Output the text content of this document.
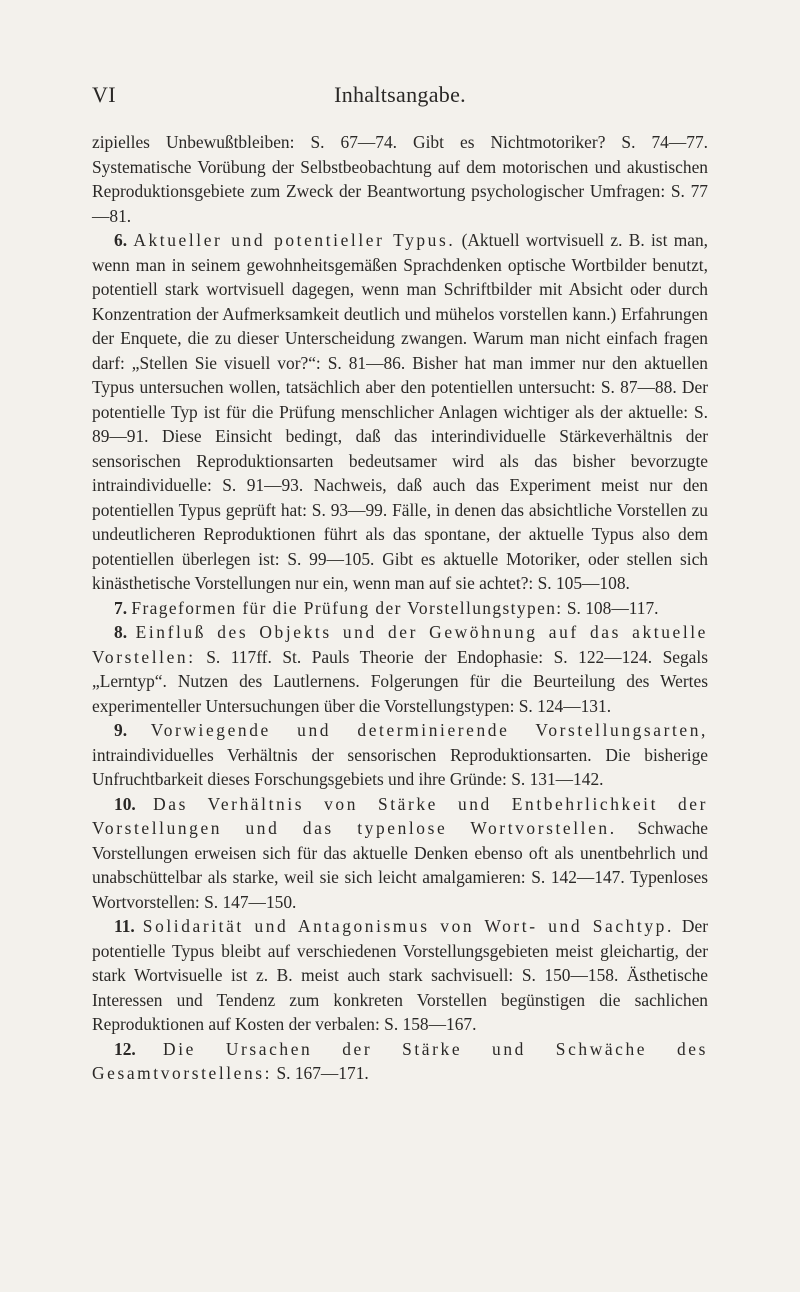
VI	Inhaltsangabe.

zipielles Unbewußtbleiben: S. 67—74. Gibt es Nichtmotoriker? S. 74—77. Systematische Vorübung der Selbstbeobachtung auf dem motorischen und akustischen Reproduktionsgebiete zum Zweck der Beantwortung psychologischer Umfragen: S. 77—81.

6. Aktueller und potentieller Typus. (Aktuell wortvisuell z. B. ist man, wenn man in seinem gewohnheitsgemäßen Sprachdenken optische Wortbilder benutzt, potentiell stark wortvisuell dagegen, wenn man Schriftbilder mit Absicht oder durch Konzentration der Aufmerksamkeit deutlich und mühelos vorstellen kann.) Erfahrungen der Enquete, die zu dieser Unterscheidung zwangen. Warum man nicht einfach fragen darf: „Stellen Sie visuell vor?“: S. 81—86. Bisher hat man immer nur den aktuellen Typus untersuchen wollen, tatsächlich aber den potentiellen untersucht: S. 87—88. Der potentielle Typ ist für die Prüfung menschlicher Anlagen wichtiger als der aktuelle: S. 89—91. Diese Einsicht bedingt, daß das interindividuelle Stärkeverhältnis der sensorischen Reproduktionsarten bedeutsamer wird als das bisher bevorzugte intraindividuelle: S. 91—93. Nachweis, daß auch das Experiment meist nur den potentiellen Typus geprüft hat: S. 93—99. Fälle, in denen das absichtliche Vorstellen zu undeutlicheren Reproduktionen führt als das spontane, der aktuelle Typus also dem potentiellen überlegen ist: S. 99—105. Gibt es aktuelle Motoriker, oder stellen sich kinästhetische Vorstellungen nur ein, wenn man auf sie achtet?: S. 105—108.

7. Frageformen für die Prüfung der Vorstellungstypen: S. 108—117.

8. Einfluß des Objekts und der Gewöhnung auf das aktuelle Vorstellen: S. 117ff. St. Pauls Theorie der Endophasie: S. 122—124. Segals „Lerntyp“. Nutzen des Lautlernens. Folgerungen für die Beurteilung des Wertes experimenteller Untersuchungen über die Vorstellungstypen: S. 124—131.

9. Vorwiegende und determinierende Vorstellungsarten, intraindividuelles Verhältnis der sensorischen Reproduktionsarten. Die bisherige Unfruchtbarkeit dieses Forschungsgebiets und ihre Gründe: S. 131—142.

10. Das Verhältnis von Stärke und Entbehrlichkeit der Vorstellungen und das typenlose Wortvorstellen. Schwache Vorstellungen erweisen sich für das aktuelle Denken ebenso oft als unentbehrlich und unabschüttelbar als starke, weil sie sich leicht amalgamieren: S. 142—147. Typenloses Wortvorstellen: S. 147—150.

11. Solidarität und Antagonismus von Wort- und Sachtyp. Der potentielle Typus bleibt auf verschiedenen Vorstellungsgebieten meist gleichartig, der stark Wortvisuelle ist z. B. meist auch stark sachvisuell: S. 150—158. Ästhetische Interessen und Tendenz zum konkreten Vorstellen begünstigen die sachlichen Reproduktionen auf Kosten der verbalen: S. 158—167.

12. Die Ursachen der Stärke und Schwäche des Gesamtvorstellens: S. 167—171.
